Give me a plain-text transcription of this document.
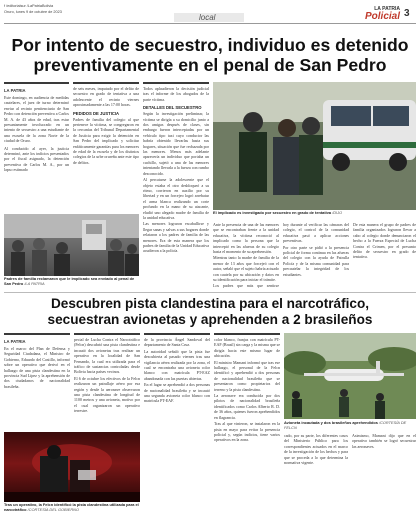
f /editorialsur /LaPatriaBolivia
Oruro, lunes 9 de octubre de 2023
local
LA PATRIA
Policial 3
Por intento de secuestro, individuo es detenido
preventivamente en el penal de San Pedro
LA PATRIA

Este domingo, en audiencia de medidas cautelares, el juez de turno determinó enviar al recinto penitenciario de San Pedro con detención preventiva a Carlos M. A. de 43 años de edad, tras estar presuntamente involucrado en un intento de secuestro a una estudiante de una escuela de la zona Norte de la ciudad de Oruro.

Al conducido al ayer, la justicia determinó, ante los indicios presentados por el fiscal asignado, la detención preventiva de Carlos M. A., por un lapso estimado

de seis meses, imputado por el delito de secuestro en grado de tentativa a una adolescente el recinto viernes aproximadamente a las 17:00 horas.

PEDIDOS DE JUSTICIA

Padres de familia del colegio al que pertenece la víctima, se congregaron en la cercanías del Tribunal Departamental de Justicia para exigir la detención en San Pedro del implicado y solicitar enfáticamente garantías para los menores de edad de la escuela y de los distintos colegios de la urbe orureña ante este tipo de delitos.

Padres de familia reclamaron que le implicado sea enviado al penal de San Pedro /LA PATRIA

Todos aplaudieron la decisión judicial tras el informe de los abogados de la parte víctima.

DETALLES DEL SECUESTRO

Según la investigación preliminar, la víctima se dirigía a su domicilio junto a dos amigas después de clases, sin embargo fueron interceptadas por un vehículo tipo taxi cuyo conductor las habría obtenido llevarlas hasta sus hogares, situación que fue rechazada por las menores. Menos más adelante aparecería un individuo que portaba un cuchillo, sujetó a una de las menores intentando llevarla a la fuerza con rumbo desconocido.

Al percatarse la adolescente que el objeto estaba el otro desbloqueó a su ritmo, corrieron en auxilio por su libertad y en un forcejeo logró arrebatar el arma blanca realizando un corte profundo en la mano de su atacante, eludió uno alegado madre de familia de la unidad educativa.

Las menores lograron escabullirse y llegar sanas y salvas a sus hogares donde relataron a los padres de familia de las menores. Era de esta manera que los padres de familia de la Unidad Educativa acudieron a la policía.

El implicado es investigado por secuestro en grado de tentativa /DIJO

Ante la presencia de una de las menores que se encontraban frente a la unidad educativa, la víctima reconoció al implicado como la persona que la interceptó en las afueras de su colegio hasta el momento de su aprehensión.

Mientras tanto la madre de familia de la menor de 13 años que forcejeó con el autor, señaló que el sujeto habría actuado con cautela por su ubicación y datos en su identificación para iniciar el trámite.

Los padres que más que sentirse

hoy durante al verificar las cámaras del colegio, el control de la comunidad educativa pasó a aplicar acciones preventivas.

Por otro parte se pidió a la presencia policial de forma continua en las afueras del colegio con la ayuda de Patrulla Policía y de la misma comunidad para precautelar la integridad de los estudiantes.

De esta manera el grupo de padres de familia organizados lograron llevar a cabo al colegio donde denunciaron el hecho a la Fuerza Especial de Lucha Contra el Crimen, por el presunto delito de secuestro en grado de tentativa.

Descubren pista clandestina para el narcotráfico,
secuestran avionetas y aprehenden a 2 brasileños
LA PATRIA

En el marco del Plan de Defensa y Seguridad Ciudadana, el Ministro de Gobierno, Eduardo del Castillo, informó sobre un operativo que derivó en el hallazgo de una pista clandestina en la provincia Sud Lípez y la aprehensión de dos ciudadanos de nacionalidad brasileña.

pecial de Lucha Contra el Narcotráfico (Felcn) descubrió una pista clandestina e incautó dos avionetas tras realizar un operativo en la localidad de San Fernando, la cual era utilizada para el tráfico de sustancias controladas desde Bolivia hacia países vecinos.

El 6 de octubre los efectivos de la Felcn realizaron un patrullaje aéreo por esa región y desde la aeronave observaron una pista clandestina de longitud de 1100 metros y una avioneta, motivo por el cual organizaron un operativo terrestre.

Tras un operativo, la Felcn identificó la pista clandestina utilizada para el narcotráfico /CORTESÍA DEL GOBIERNO

de la provincia Ángel Sandoval del departamento de Santa Cruz.

La autoridad señaló que la pista fue descubierta al pasado viernes tras una vigilancia aérea realizada por la zona, el cual se encontraba una avioneta color blanco con matrícula PT-EAZ abandonada con las puertas abiertas.

En el lugar se aprehendió a dos personas de nacionalidad brasileña y se incautó una segunda avioneta color blanco con matrícula PT-EAF.

color blanco, franjas con matrícula PT-EAF (Brasil) sin carga y la misma que se dirigía hacia este mismo lugar de ubicación.

El ministro Mamani informó que tras ese hallazgo, el personal de la Felcn identificó y aprehendió a dos personas de nacionalidad brasileña que se presentaron como propietarios del terreno y la pista clandestina.

La aeronave era conducida por dos pilotos de nacionalidad brasileña identificados como Carlos Alberto R. D. de 36 años, quienes fueron aprehendidos en flagrancia.

Tras al que vinieron, se instalaron en la pista en mayo para evitar la presencia policial y, según indicios, tiene varios operativos en la zona.

Avioneta incautada y dos brasileños aprehendidos /CORTESÍA DE FELCN

cado, por su parte, los diferentes casos del Ministerio Público para los correspondientes actuados en el marco de la investigación de los hechos y para que se proceda a lo que determina la normativa vigente.

Asimismo, Mamani dijo que en el operativo también se logró secuestrar las aeronaves.
